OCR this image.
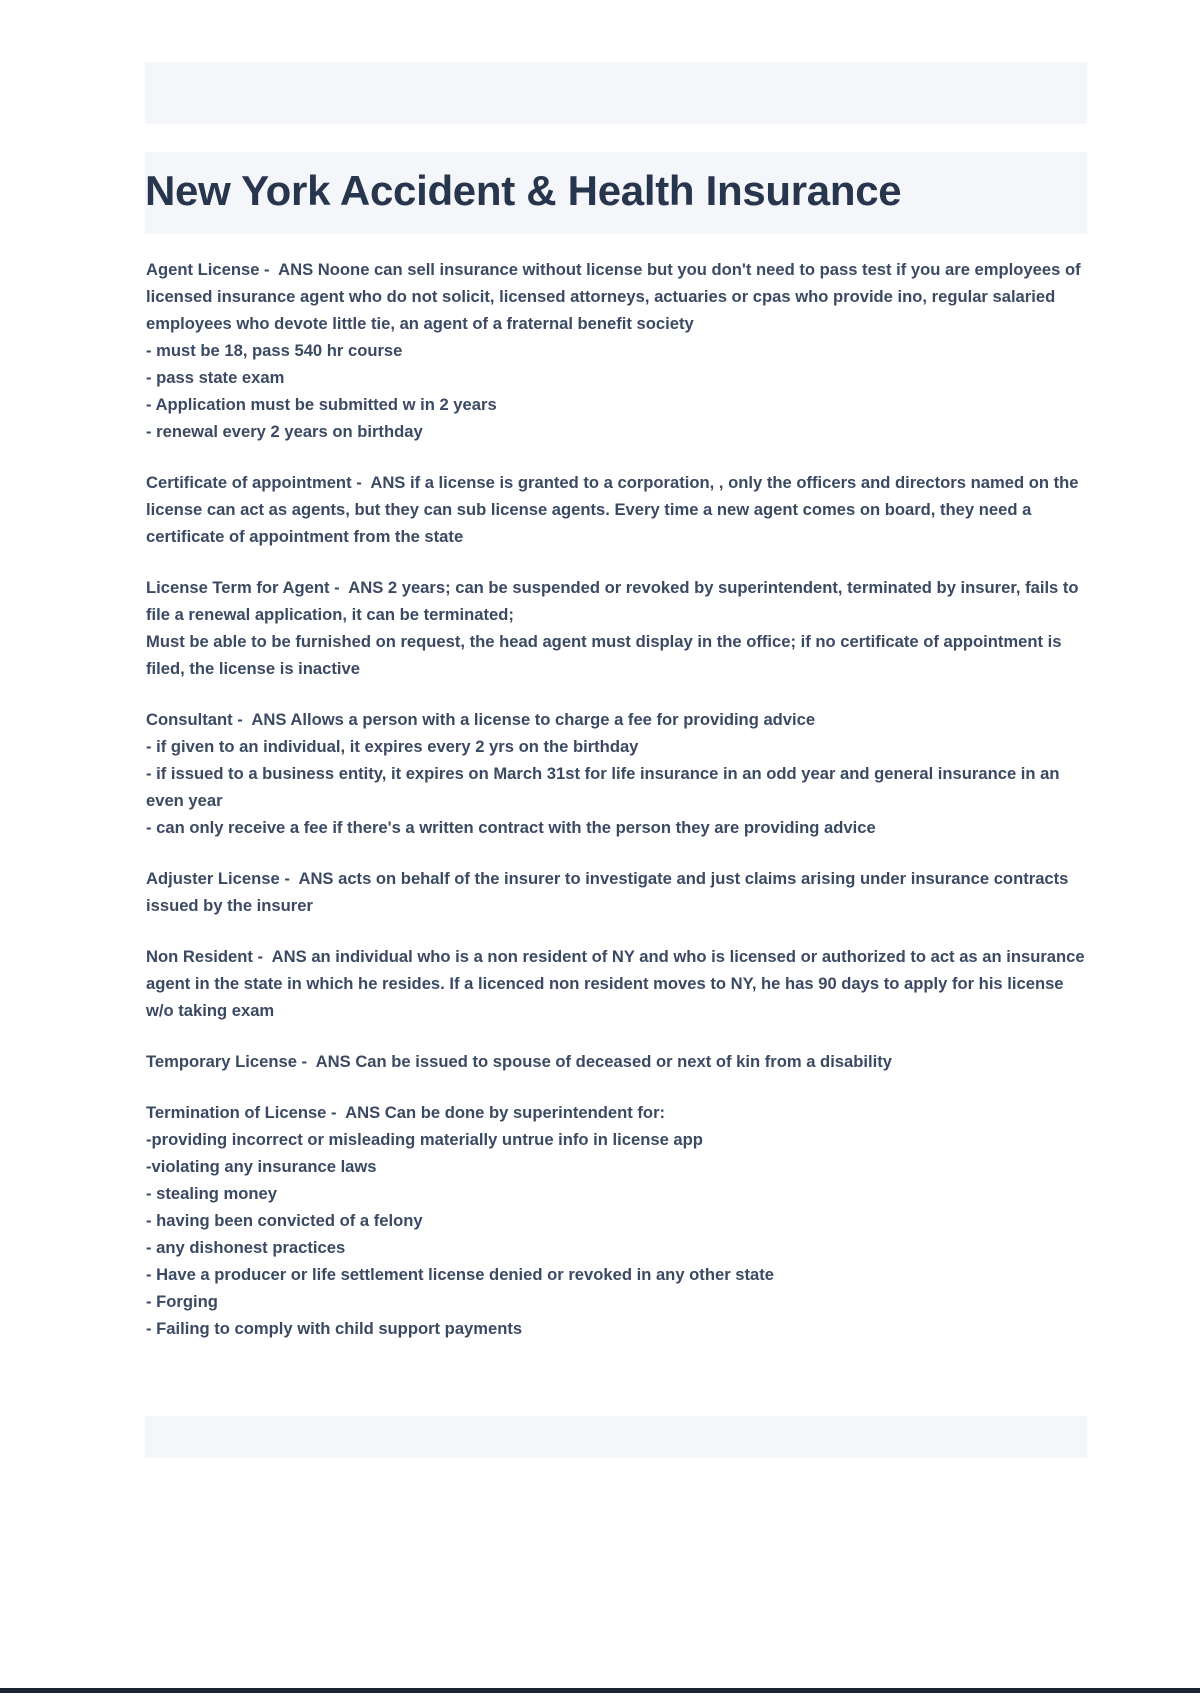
New York Accident & Health Insurance
Agent License -  ANS Noone can sell insurance without license but you don't need to pass test if you are employees of licensed insurance agent who do not solicit, licensed attorneys, actuaries or cpas who provide ino, regular salaried employees who devote little tie, an agent of a fraternal benefit society
- must be 18, pass 540 hr course
- pass state exam
- Application must be submitted w in 2 years
- renewal every 2 years on birthday
Certificate of appointment -  ANS if a license is granted to a corporation, , only the officers and directors named on the license can act as agents, but they can sub license agents. Every time a new agent comes on board, they need a certificate of appointment from the state
License Term for Agent -  ANS 2 years; can be suspended or revoked by superintendent, terminated by insurer, fails to file a renewal application, it can be terminated;
Must be able to be furnished on request, the head agent must display in the office; if no certificate of appointment is filed, the license is inactive
Consultant -  ANS Allows a person with a license to charge a fee for providing advice
- if given to an individual, it expires every 2 yrs on the birthday
- if issued to a business entity, it expires on March 31st for life insurance in an odd year and general insurance in an even year
- can only receive a fee if there's a written contract with the person they are providing advice
Adjuster License -  ANS acts on behalf of the insurer to investigate and just claims arising under insurance contracts issued by the insurer
Non Resident -  ANS an individual who is a non resident of NY and who is licensed or authorized to act as an insurance agent in the state in which he resides. If a licenced non resident moves to NY, he has 90 days to apply for his license w/o taking exam
Temporary License -  ANS Can be issued to spouse of deceased or next of kin from a disability
Termination of License -  ANS Can be done by superintendent for:
-providing incorrect or misleading materially untrue info in license app
-violating any insurance laws
- stealing money
- having been convicted of a felony
- any dishonest practices
- Have a producer or life settlement license denied or revoked in any other state
- Forging
- Failing to comply with child support payments
